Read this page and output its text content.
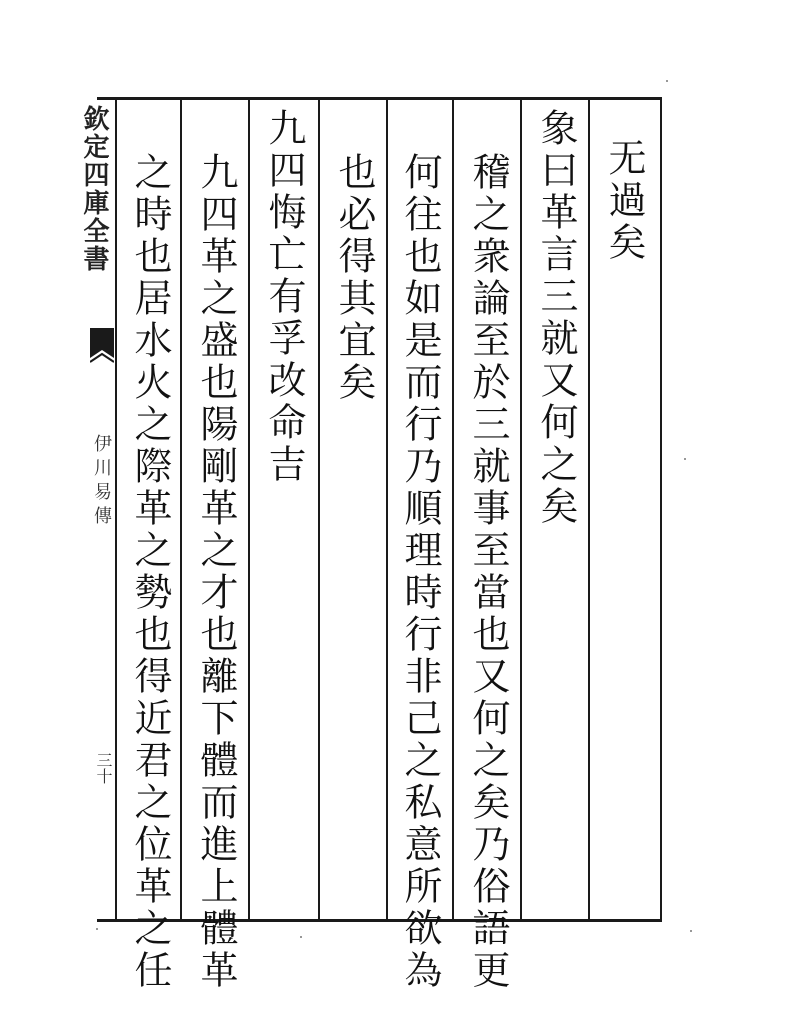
欽定四庫全書
伊川易傳
三十
无過矣
象曰革言三就又何之矣
稽之衆論至於三就事至當也又何之矣乃俗語更
何往也如是而行乃順理時行非己之私意所欲為
也必得其宜矣
九四悔亡有孚改命吉
九四革之盛也陽剛革之才也離下體而進上體革
之時也居水火之際革之勢也得近君之位革之任
